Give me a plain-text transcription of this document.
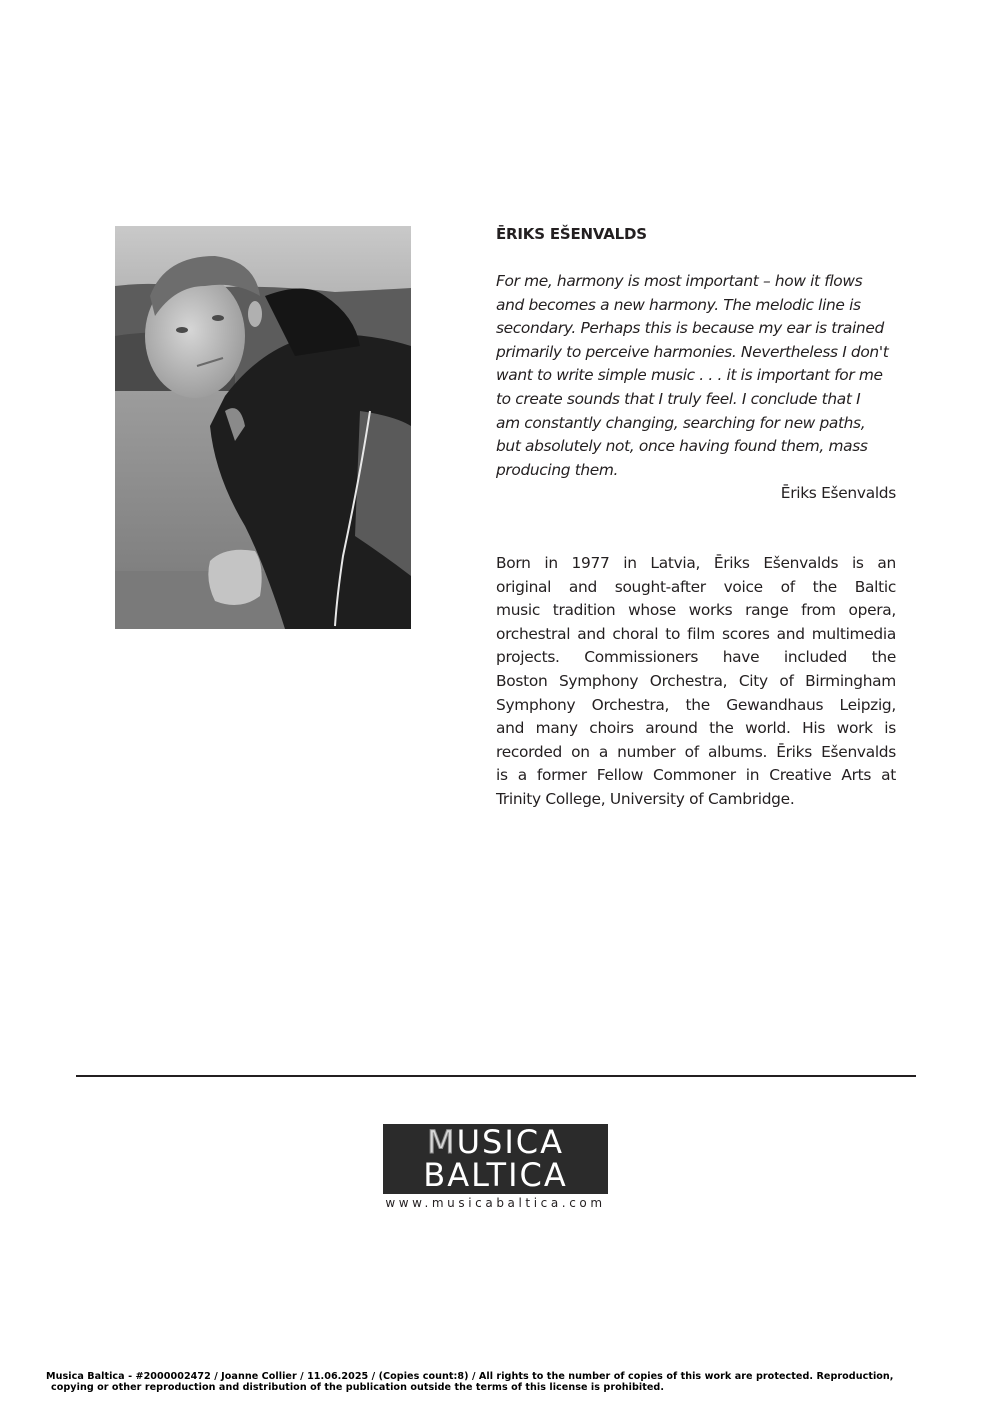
ĒRIKS EŠENVALDS
For me, harmony is most important – how it flows
and becomes a new harmony. The melodic line is
secondary. Perhaps this is because my ear is trained
primarily to perceive harmonies. Nevertheless I don't
want to write simple music . . . it is important for me
to create sounds that I truly feel. I conclude that I
am constantly changing, searching for new paths,
but absolutely not, once having found them, mass
producing them.
Ēriks Ešenvalds
Born in 1977 in Latvia, Ēriks Ešenvalds is an
original and sought-after voice of the Baltic
music tradition whose works range from opera,
orchestral and choral to film scores and multimedia
projects. Commissioners have included the
Boston Symphony Orchestra, City of Birmingham
Symphony Orchestra, the Gewandhaus Leipzig,
and many choirs around the world. His work is
recorded on a number of albums. Ēriks Ešenvalds
is a former Fellow Commoner in Creative Arts at
Trinity College, University of Cambridge.
MUSICA
BALTICA
www.musicabaltica.com
Musica Baltica - #2000002472 / Joanne Collier / 11.06.2025 / (Copies count:8) / All rights to the number of copies of this work are protected. Reproduction,
copying or other reproduction and distribution of the publication outside the terms of this license is prohibited.
